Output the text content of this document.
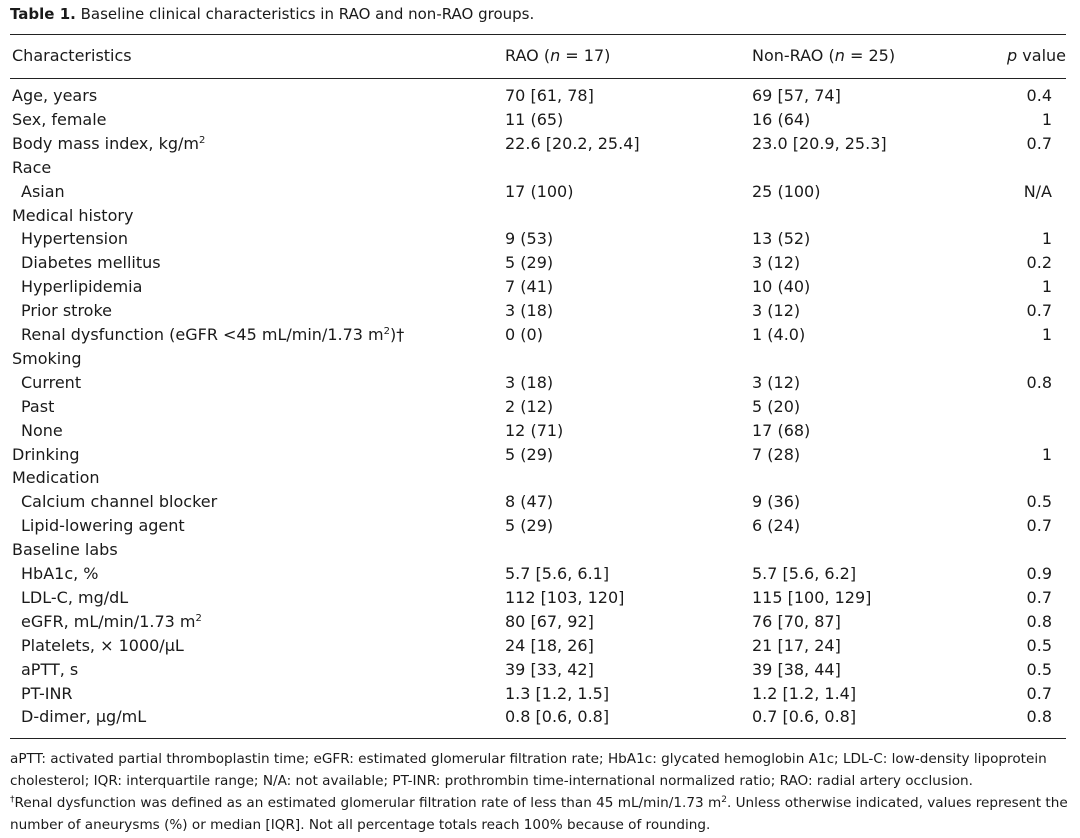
Table 1. Baseline clinical characteristics in RAO and non-RAO groups.
Characteristics	RAO (n = 17)	Non-RAO (n = 25)	p value
Age, years	70 [61, 78]	69 [57, 74]	0.4
Sex, female	11 (65)	16 (64)	1
Body mass index, $kg/m^2$	22.6 [20.2, 25.4]	23.0 [20.9, 25.3]	0.7
Race
Asian	17 (100)	25 (100)	N/A
Medical history
Hypertension	9 (53)	13 (52)	1
Diabetes mellitus	5 (29)	3 (12)	0.2
Hyperlipidemia	7 (41)	10 (40)	1
Prior stroke	3 (18)	3 (12)	0.7
Renal dysfunction (eGFR <45 mL/min/1.73 $m^2)\dagger$	0 (0)	1 (4.0)	1
Smoking
Current	3 (18)	3 (12)	0.8
Past	2 (12)	5 (20)
None	12 (71)	17 (68)
Drinking	5 (29)	7 (28)	1
Medication
Calcium channel blocker	8 (47)	9 (36)	0.5
Lipid-lowering agent	5 (29)	6 (24)	0.7
Baseline labs
HbA1c, %	5.7 [5.6, 6.1]	5.7 [5.6, 6.2]	0.9
LDL-C, mg/dL	112 [103, 120]	115 [100, 129]	0.7
eGFR, mL/min/1.73 $m^2$	80 [67, 92]	76 [70, 87]	0.8
Platelets, × 1000/µL	24 [18, 26]	21 [17, 24]	0.5
aPTT, s	39 [33, 42]	39 [38, 44]	0.5
PT-INR	1.3 [1.2, 1.5]	1.2 [1.2, 1.4]	0.7
D-dimer, µg/mL	0.8 [0.6, 0.8]	0.7 [0.6, 0.8]	0.8
aPTT: activated partial thromboplastin time; eGFR: estimated glomerular filtration rate; HbA1c: glycated hemoglobin A1c; LDL-C: low-density lipoprotein
cholesterol; IQR: interquartile range; N/A: not available; PT-INR: prothrombin time-international normalized ratio; RAO: radial artery occlusion.
†Renal dysfunction was defined as an estimated glomerular filtration rate of less than 45 mL/min/1.73 $m^2$. Unless otherwise indicated, values represent the
number of aneurysms (%) or median [IQR]. Not all percentage totals reach 100% because of rounding.
